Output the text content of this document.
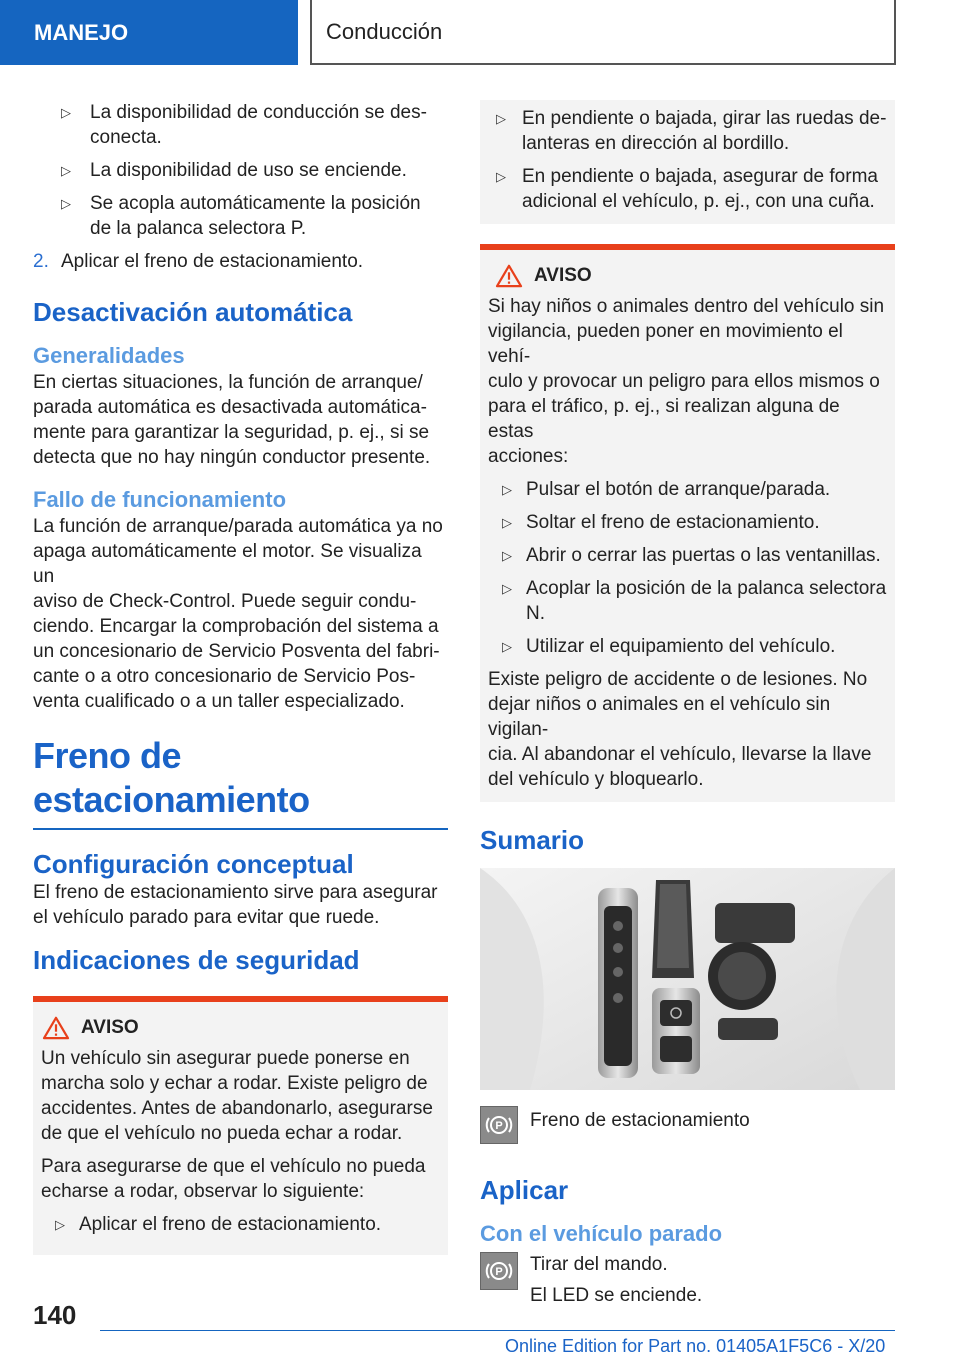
MANEJO	Conducción
▷ La disponibilidad de conducción se des-
conecta.
▷ La disponibilidad de uso se enciende.
▷ Se acopla automáticamente la posición
de la palanca selectora P.
2. Aplicar el freno de estacionamiento.
Desactivación automática
Generalidades

En ciertas situaciones, la función de arranque/
parada automática es desactivada automática-
mente para garantizar la seguridad, p. ej., si se
detecta que no hay ningún conductor presente.

Fallo de funcionamiento

La función de arranque/parada automática ya no
apaga automáticamente el motor. Se visualiza un
aviso de Check-Control. Puede seguir condu-
ciendo. Encargar la comprobación del sistema a
un concesionario de Servicio Posventa del fabri-
cante o a otro concesionario de Servicio Pos-
venta cualificado o a un taller especializado.

Freno de estacionamiento
Configuración conceptual

El freno de estacionamiento sirve para asegurar
el vehículo parado para evitar que ruede.

Indicaciones de seguridad
AVISO

Un vehículo sin asegurar puede ponerse en
marcha solo y echar a rodar. Existe peligro de
accidentes. Antes de abandonarlo, asegurarse
de que el vehículo no pueda echar a rodar.

Para asegurarse de que el vehículo no pueda
echarse a rodar, observar lo siguiente:

▷ Aplicar el freno de estacionamiento.
▷ En pendiente o bajada, girar las ruedas de-
lanteras en dirección al bordillo.
▷ En pendiente o bajada, asegurar de forma
adicional el vehículo, p. ej., con una cuña.
AVISO

Si hay niños o animales dentro del vehículo sin
vigilancia, pueden poner en movimiento el vehí-
culo y provocar un peligro para ellos mismos o
para el tráfico, p. ej., si realizan alguna de estas
acciones:

▷ Pulsar el botón de arranque/parada.
▷ Soltar el freno de estacionamiento.
▷ Abrir o cerrar las puertas o las ventanillas.
▷ Acoplar la posición de la palanca selectora
N.
▷ Utilizar el equipamiento del vehículo.

Existe peligro de accidente o de lesiones. No
dejar niños o animales en el vehículo sin vigilan-
cia. Al abandonar el vehículo, llevarse la llave
del vehículo y bloquearlo.

Sumario
P Freno de estacionamiento

Aplicar
Con el vehículo parado
P Tirar del mando.

El LED se enciende.

140
Online Edition for Part no. 01405A1F5C6 - X/20
